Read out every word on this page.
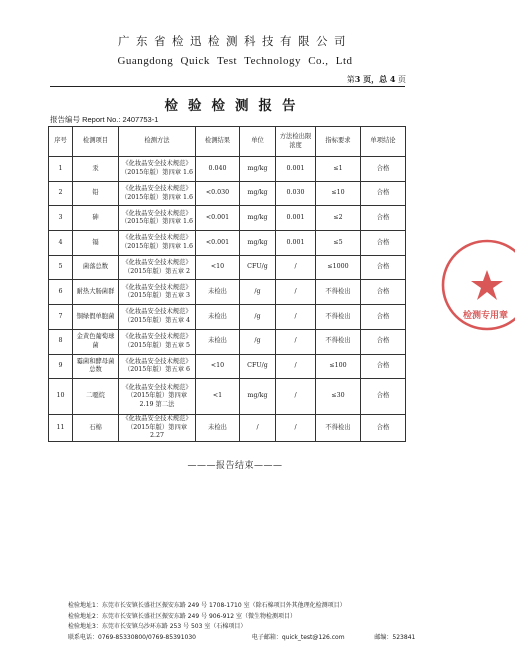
广东省检迅检测科技有限公司
Guangdong Quick Test Technology Co., Ltd
第3 页，总 4 页
检验检测报告
报告编号 Report No.: 2407753-1
序号	检测项目	检测方法	检测结果	单位	方法检出限浓度	指标要求	单项结论
1	汞	《化妆品安全技术规范》（2015年版）第四章 1.6	0.040	mg/kg	0.001	≤1	合格
2	铅	《化妆品安全技术规范》（2015年版）第四章 1.6	<0.030	mg/kg	0.030	≤10	合格
3	砷	《化妆品安全技术规范》（2015年版）第四章 1.6	<0.001	mg/kg	0.001	≤2	合格
4	镉	《化妆品安全技术规范》（2015年版）第四章 1.6	<0.001	mg/kg	0.001	≤5	合格
5	菌落总数	《化妆品安全技术规范》（2015年版）第五章 2	<10	CFU/g	/	≤1000	合格
6	耐热大肠菌群	《化妆品安全技术规范》（2015年版）第五章 3	未检出	/g	/	不得检出	合格
7	铜绿假单胞菌	《化妆品安全技术规范》（2015年版）第五章 4	未检出	/g	/	不得检出	合格
8	金黄色葡萄球菌	《化妆品安全技术规范》（2015年版）第五章 5	未检出	/g	/	不得检出	合格
9	霉菌和酵母菌总数	《化妆品安全技术规范》（2015年版）第五章 6	<10	CFU/g	/	≤100	合格
10	二噁烷	《化妆品安全技术规范》（2015年版）第四章 2.19 第二法	<1	mg/kg	/	≤30	合格
11	石棉	《化妆品安全技术规范》（2015年版）第四章 2.27	未检出	/	/	不得检出	合格
———报告结束———
检验地址1：东莞市长安镇长盛社区振安东路 249 号 1708-1710 室（除石棉项目外其他理化检测项目）
检验地址2：东莞市长安镇长盛社区振安东路 249 号 906-912 室（微生物检测项目）
检验地址3：东莞市长安镇乌沙环东路 253 号 503 室（石棉项目）
联系电话：0769-85330800/0769-85391030	电子邮箱：quick_test@126.com	邮编：523841
检测专用章
